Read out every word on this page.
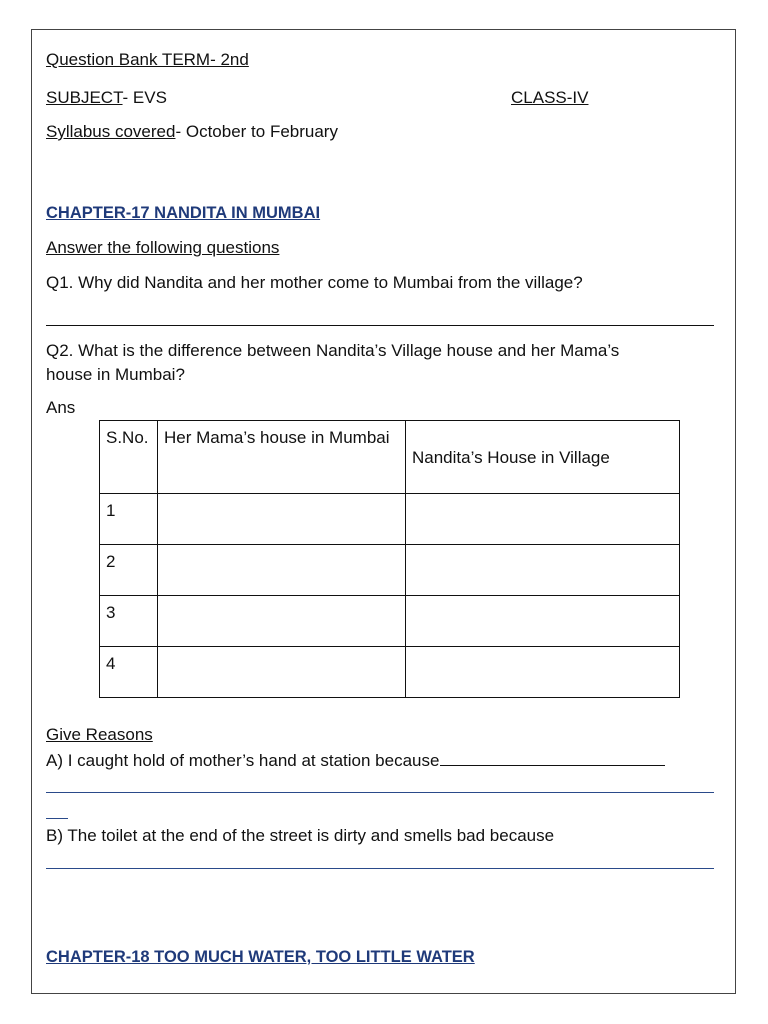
Question Bank TERM- 2nd
SUBJECT- EVS	CLASS-IV
Syllabus covered- October to February
CHAPTER-17 NANDITA IN MUMBAI
Answer the following questions
Q1. Why did Nandita and her mother come to Mumbai from the village?
Q2. What is the difference between Nandita’s Village house and her Mama’s
house in Mumbai?
Ans
S.No.	Her Mama’s house in Mumbai	Nandita’s House in Village
1		
2		
3		
4		
Give Reasons
A) I caught hold of mother’s hand at station because
B) The toilet at the end of the street is dirty and smells bad because
CHAPTER-18 TOO MUCH WATER, TOO LITTLE WATER
